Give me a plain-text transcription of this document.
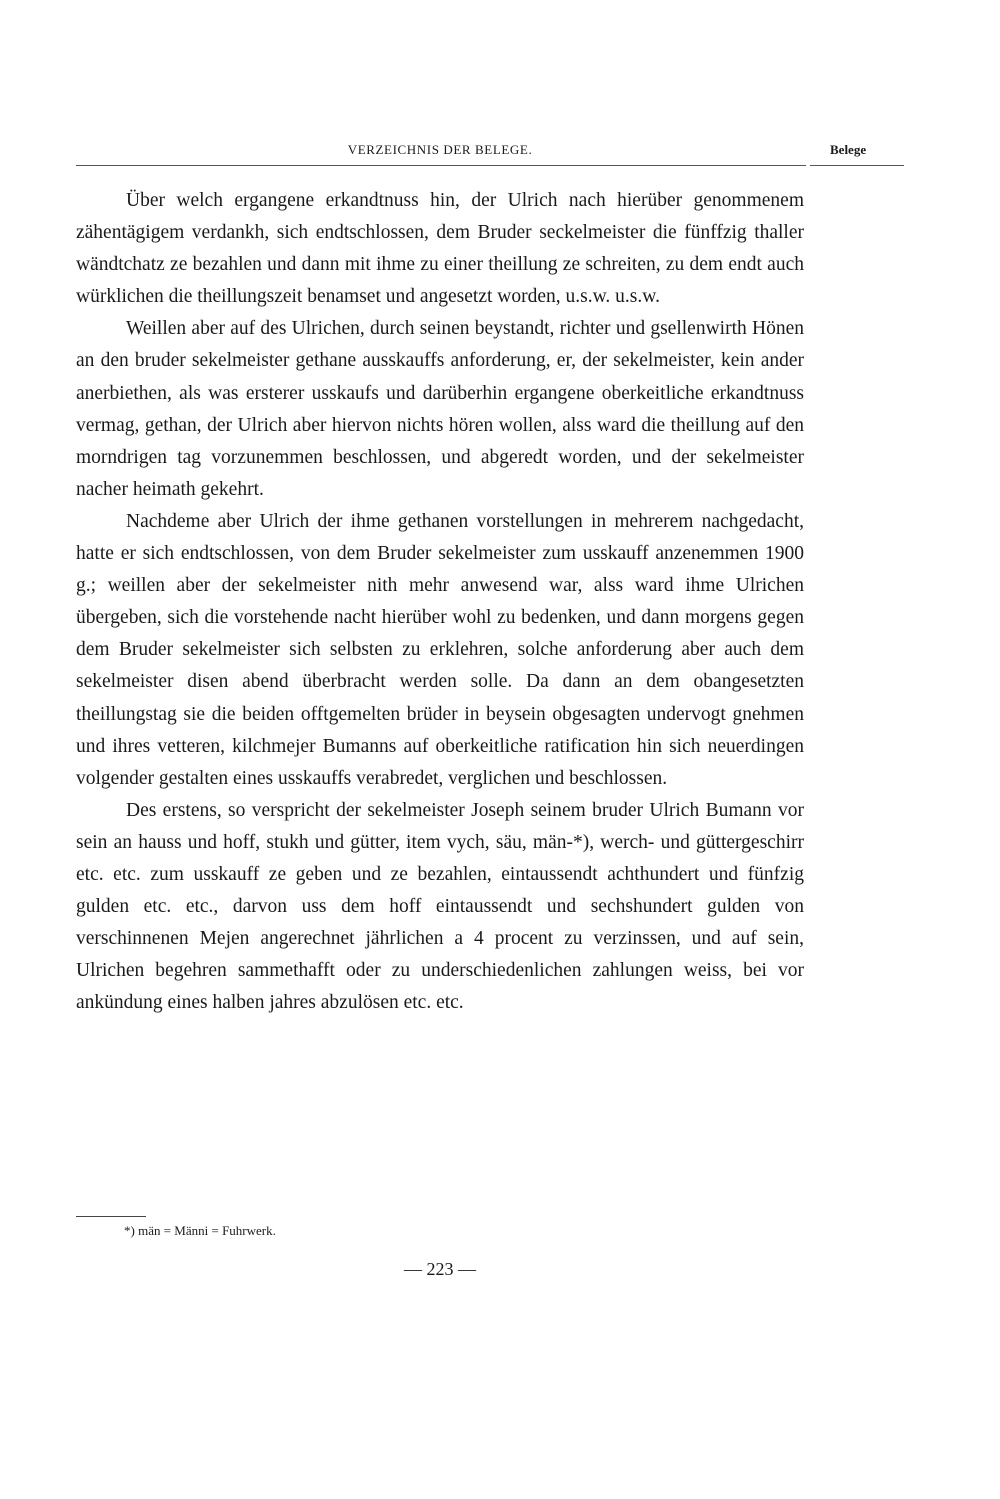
VERZEICHNIS DER BELEGE.	Belege

Über welch ergangene erkandtnuss hin, der Ulrich nach hierüber genommenem zähentägigem verdankh, sich endtschlossen, dem Bruder seckelmeister die fünffzig thaller wändtchatz ze bezahlen und dann mit ihme zu einer theillung ze schreiten, zu dem endt auch würklichen die theillungszeit benamset und angesetzt worden, u.s.w. u.s.w.

Weillen aber auf des Ulrichen, durch seinen beystandt, richter und gsellenwirth Hönen an den bruder sekelmeister gethane ausskauffs anforderung, er, der sekelmeister, kein ander anerbiethen, als was ersterer usskaufs und darüberhin ergangene oberkeitliche erkandtnuss vermag, gethan, der Ulrich aber hiervon nichts hören wollen, alss ward die theillung auf den morndrigen tag vorzunemmen beschlossen, und abgeredt worden, und der sekelmeister nacher heimath gekehrt.

Nachdeme aber Ulrich der ihme gethanen vorstellungen in mehrerem nachgedacht, hatte er sich endtschlossen, von dem Bruder sekelmeister zum usskauff anzenemmen 1900 g.; weillen aber der sekelmeister nith mehr anwesend war, alss ward ihme Ulrichen übergeben, sich die vorstehende nacht hierüber wohl zu bedenken, und dann morgens gegen dem Bruder sekelmeister sich selbsten zu erklehren, solche anforderung aber auch dem sekelmeister disen abend überbracht werden solle. Da dann an dem obangesetzten theillungstag sie die beiden offtgemelten brüder in beysein obgesagten undervogt gnehmen und ihres vetteren, kilchmejer Bumanns auf oberkeitliche ratification hin sich neuerdingen volgender gestalten eines usskauffs verabredet, verglichen und beschlossen.

Des erstens, so verspricht der sekelmeister Joseph seinem bruder Ulrich Bumann vor sein an hauss und hoff, stukh und gütter, item vych, säu, män-*), werch- und güttergeschirr etc. etc. zum usskauff ze geben und ze bezahlen, eintaussendt achthundert und fünfzig gulden etc. etc., darvon uss dem hoff eintaussendt und sechshundert gulden von verschinnenen Mejen angerechnet jährlichen a 4 procent zu verzinssen, und auf sein, Ulrichen begehren sammethafft oder zu underschiedenlichen zahlungen weiss, bei vor ankündung eines halben jahres abzulösen etc. etc.

*) män = Männi = Fuhrwerk.
— 223 —
